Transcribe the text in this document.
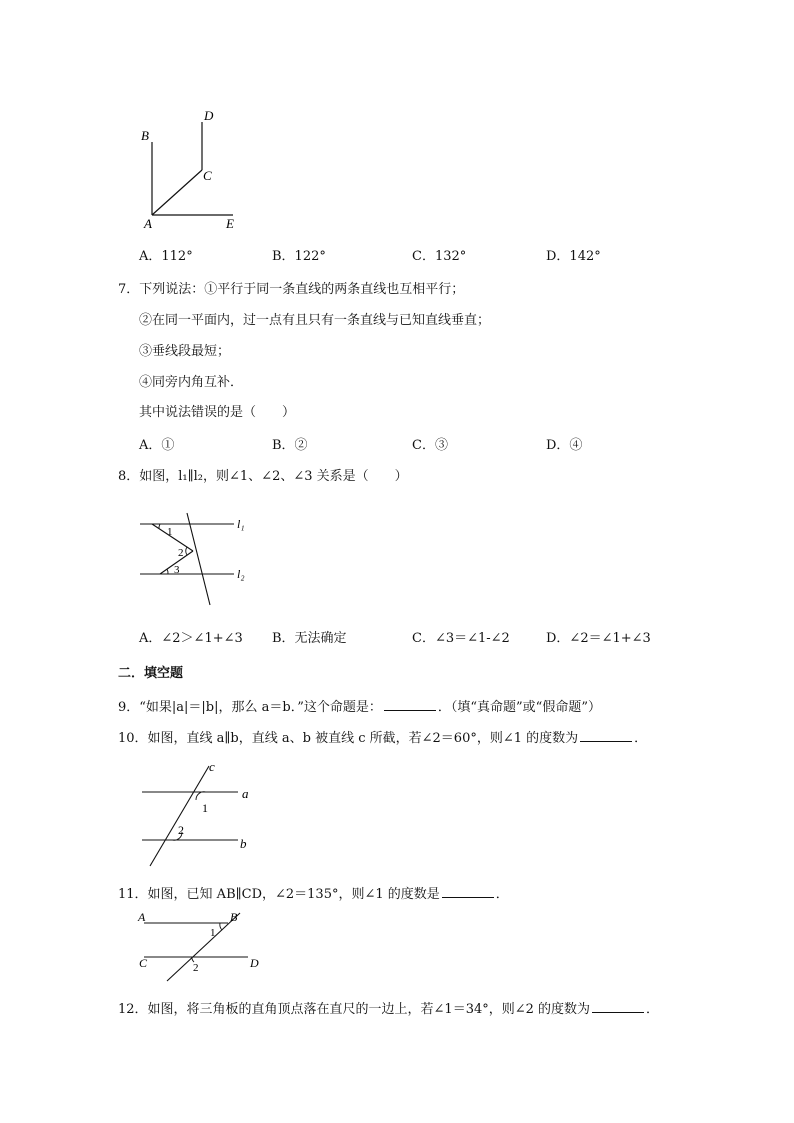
B
D
C
A	E
A．112°	B．122°	C．132°	D．142°
7．下列说法：①平行于同一条直线的两条直线也互相平行；
②在同一平面内，过一点有且只有一条直线与已知直线垂直；
③垂线段最短；
④同旁内角互补．
其中说法错误的是（　　）
A．①	B．②	C．③	D．④
8．如图，l₁∥l₂，则∠1、∠2、∠3 关系是（　　）
1
2
3
l₁
l₂
A．∠2＞∠1+∠3 B．无法确定	C．∠3＝∠1-∠2	D．∠2＝∠1+∠3
二．填空题
9．“如果|a|＝|b|，那么 a＝b．”这个命题是：	．（填“真命题”或“假命题”）
10．如图，直线 a∥b，直线 a、b 被直线 c 所截，若∠2＝60°，则∠1 的度数为	．
c
a
b
1
2
11．如图，已知 AB∥CD，∠2＝135°，则∠1 的度数是	．
A	B
C	D
1
2
12．如图，将三角板的直角顶点落在直尺的一边上，若∠1＝34°，则∠2 的度数为	．
